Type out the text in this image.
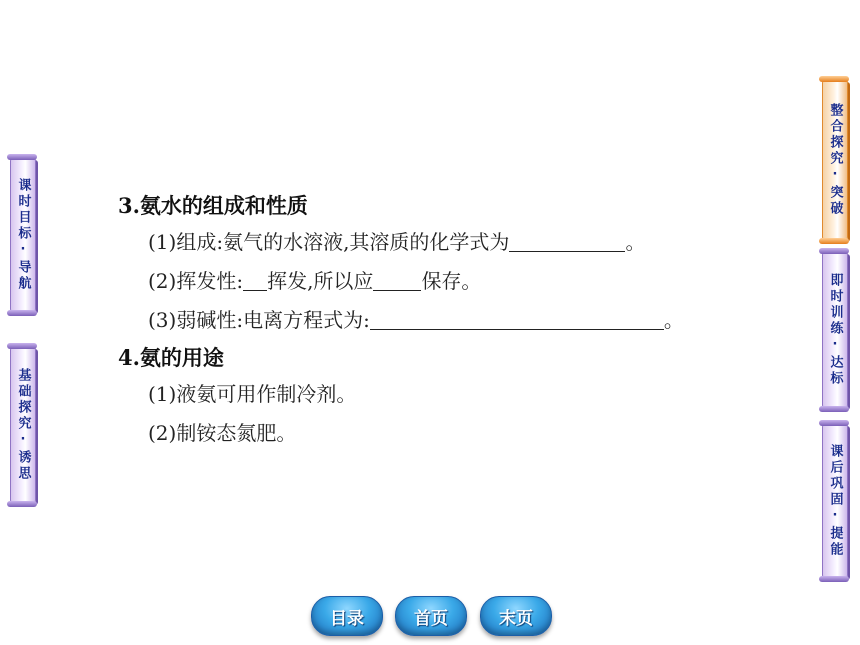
课时目标·导航
基础探究·诱思
整合探究·突破
即时训练·达标
课后巩固·提能

3.氨水的组成和性质

(1)组成:氨气的水溶液,其溶质的化学式为	。

(2)挥发性: 挥发,所以应 保存。

(3)弱碱性:电离方程式为:	。

4.氨的用途

(1)液氨可用作制冷剂。

(2)制铵态氮肥。

目录	首页	末页
